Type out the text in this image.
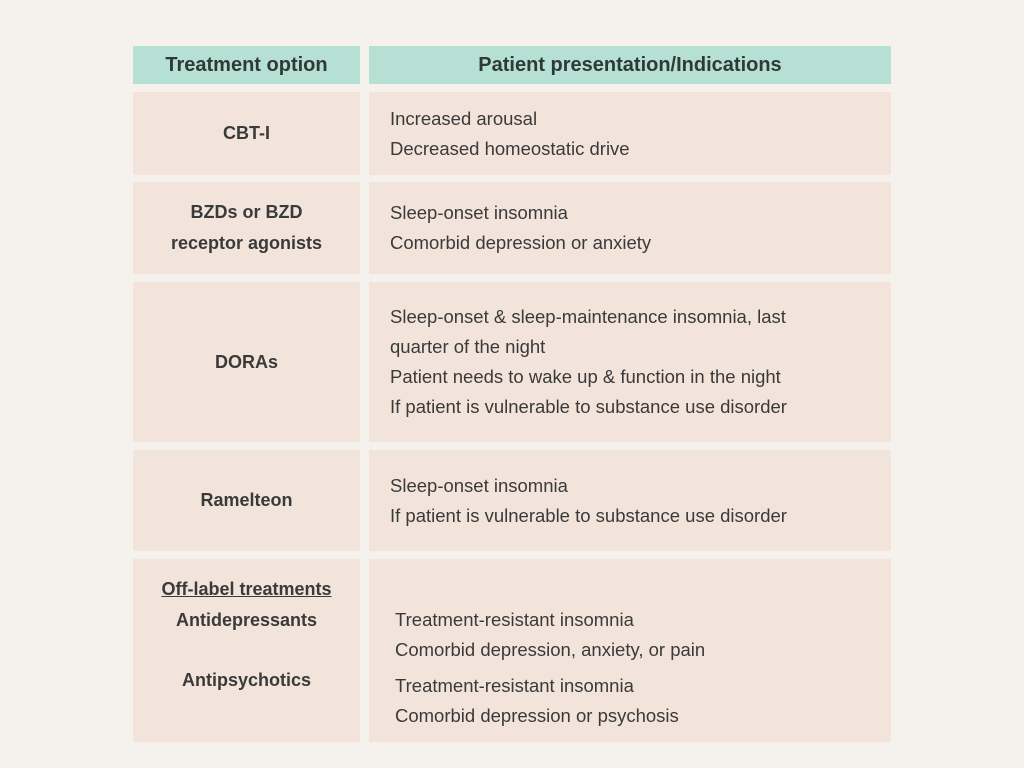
Treatment option	Patient presentation/Indications
CBT-I
Increased arousal
Decreased homeostatic drive
BZDs or BZD
receptor agonists
Sleep-onset insomnia
Comorbid depression or anxiety
DORAs
Sleep-onset & sleep-maintenance insomnia, last
quarter of the night
Patient needs to wake up & function in the night
If patient is vulnerable to substance use disorder
Ramelteon
Sleep-onset insomnia
If patient is vulnerable to substance use disorder
Off-label treatments
Antidepressants
Antipsychotics
Treatment-resistant insomnia
Comorbid depression, anxiety, or pain
Treatment-resistant insomnia
Comorbid depression or psychosis
